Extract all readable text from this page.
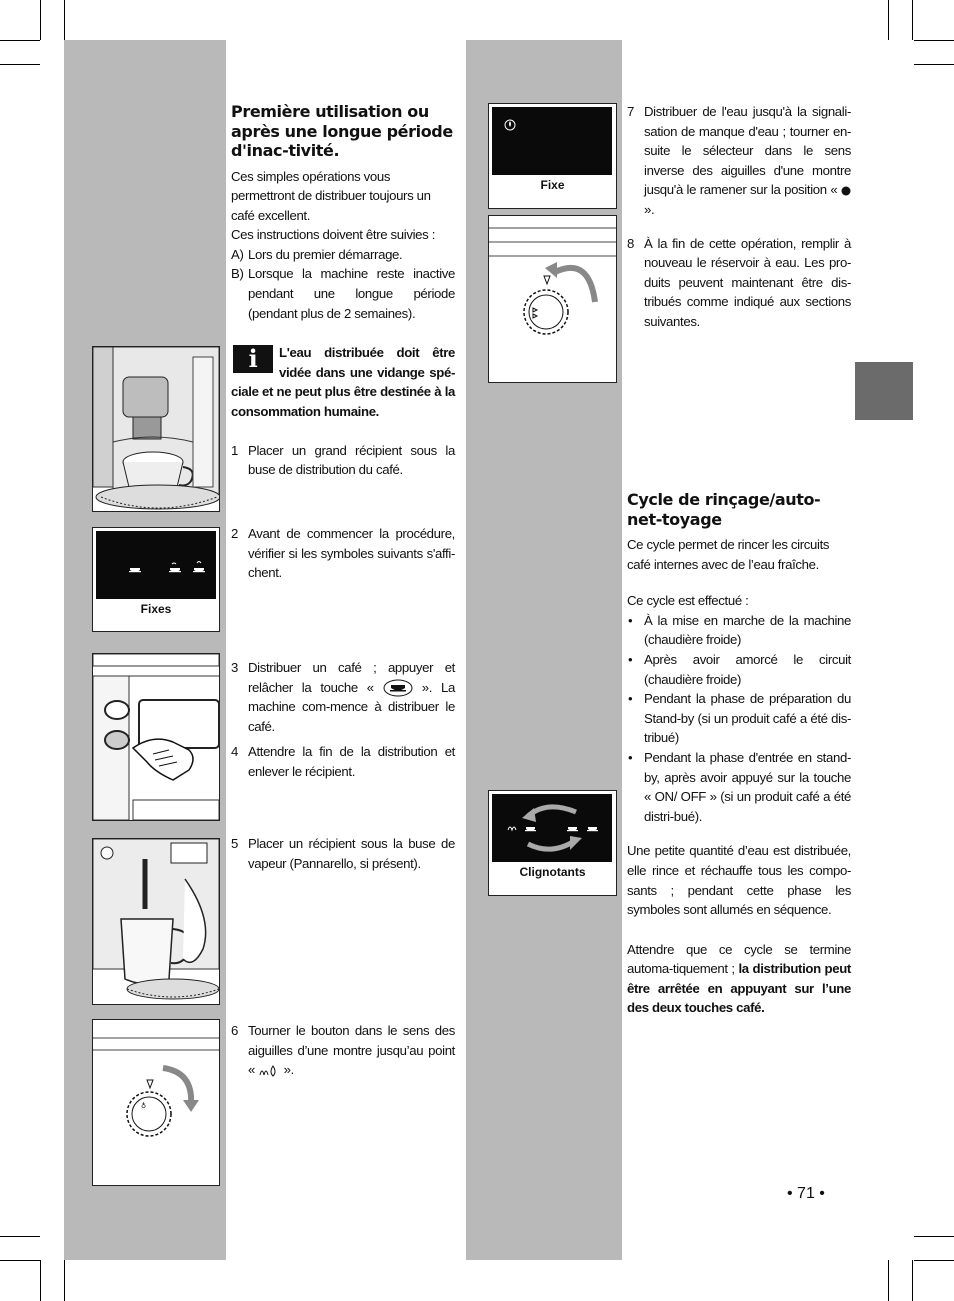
Fixes
♁
Première utilisation ou après une longue période d'inac-tivité.

Ces simples opérations vous permettront de distribuer toujours un café excellent.

Ces instructions doivent être suivies :

A) Lors du premier démarrage.
B) Lorsque la machine reste inactive pendant une longue période (pendant plus de 2 semaines).
i	L'eau distribuée doit être vidée dans une vidange spé-ciale et ne peut plus être destinée à la consommation humaine.

1 Placer un grand récipient sous la buse de distribution du café.
2 Avant de commencer la procédure, vérifier si les symboles suivants s'affi-chent.
3 Distribuer un café ; appuyer et relâcher la touche «	». La machine com-mence à distribuer le café.
4 Attendre la fin de la distribution et enlever le récipient.
5 Placer un récipient sous la buse de vapeur (Pannarello, si présent).
6 Tourner le bouton dans le sens des aiguilles d’une montre jusqu’au point « ».
Fixe
Clignotants
7 Distribuer de l'eau jusqu'à la signali-sation de manque d'eau ; tourner en-suite le sélecteur dans le sens inverse des aiguilles d'une montre jusqu'à le ramener sur la position «  ».
8 À la fin de cette opération, remplir à nouveau le réservoir à eau. Les pro-duits peuvent maintenant être dis-tribués comme indiqué aux sections suivantes.
Cycle de rinçage/auto-net-toyage

Ce cycle permet de rincer les circuits café internes avec de l’eau fraîche.

Ce cycle est effectué :

• À la mise en marche de la machine (chaudière froide)
• Après avoir amorcé le circuit (chaudière froide)
• Pendant la phase de préparation du Stand-by (si un produit café a été dis-tribué)
• Pendant la phase d'entrée en stand-by, après avoir appuyé sur la touche « ON/ OFF » (si un produit café a été distri-bué).

Une petite quantité d’eau est distribuée, elle rince et réchauffe tous les compo-sants ; pendant cette phase les symboles sont allumés en séquence.

Attendre que ce cycle se termine automa-tiquement ; la distribution peut être arrêtée en appuyant sur l’une des deux touches café.

• 71 •
